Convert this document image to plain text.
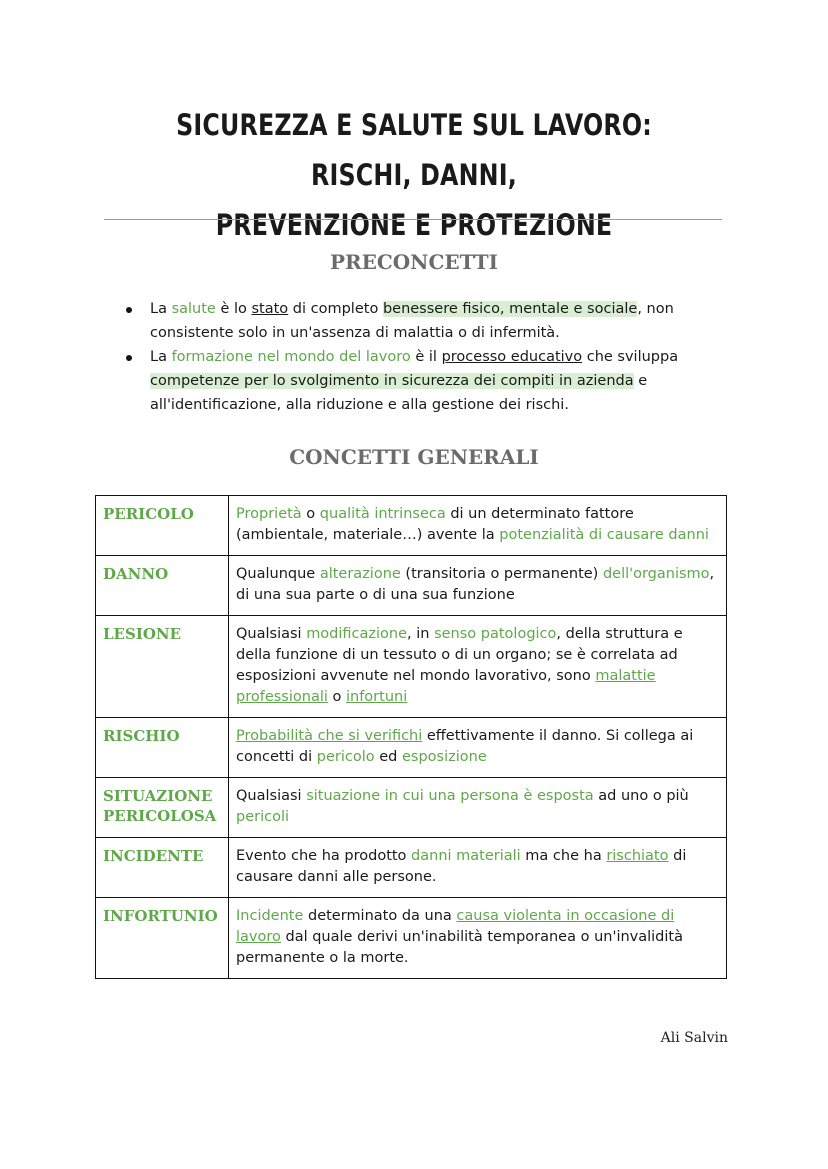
SICUREZZA E SALUTE SUL LAVORO: RISCHI, DANNI,
PREVENZIONE E PROTEZIONE
PRECONCETTI
La salute è lo stato di completo benessere fisico, mentale e sociale, non consistente solo in un'assenza di malattia o di infermità.
La formazione nel mondo del lavoro è il processo educativo che sviluppa competenze per lo svolgimento in sicurezza dei compiti in azienda e all'identificazione, alla riduzione e alla gestione dei rischi.
CONCETTI GENERALI
PERICOLO	Proprietà o qualità intrinseca di un determinato fattore (ambientale, materiale…) avente la potenzialità di causare danni
DANNO	Qualunque alterazione (transitoria o permanente) dell'organismo, di una sua parte o di una sua funzione
LESIONE	Qualsiasi modificazione, in senso patologico, della struttura e della funzione di un tessuto o di un organo; se è correlata ad esposizioni avvenute nel mondo lavorativo, sono malattie professionali o infortuni
RISCHIO	Probabilità che si verifichi effettivamente il danno. Si collega ai concetti di pericolo ed esposizione
SITUAZIONE PERICOLOSA	Qualsiasi situazione in cui una persona è esposta ad uno o più pericoli
INCIDENTE	Evento che ha prodotto danni materiali ma che ha rischiato di causare danni alle persone.
INFORTUNIO	Incidente determinato da una causa violenta in occasione di lavoro dal quale derivi un'inabilità temporanea o un'invalidità permanente o la morte.
Ali Salvin
